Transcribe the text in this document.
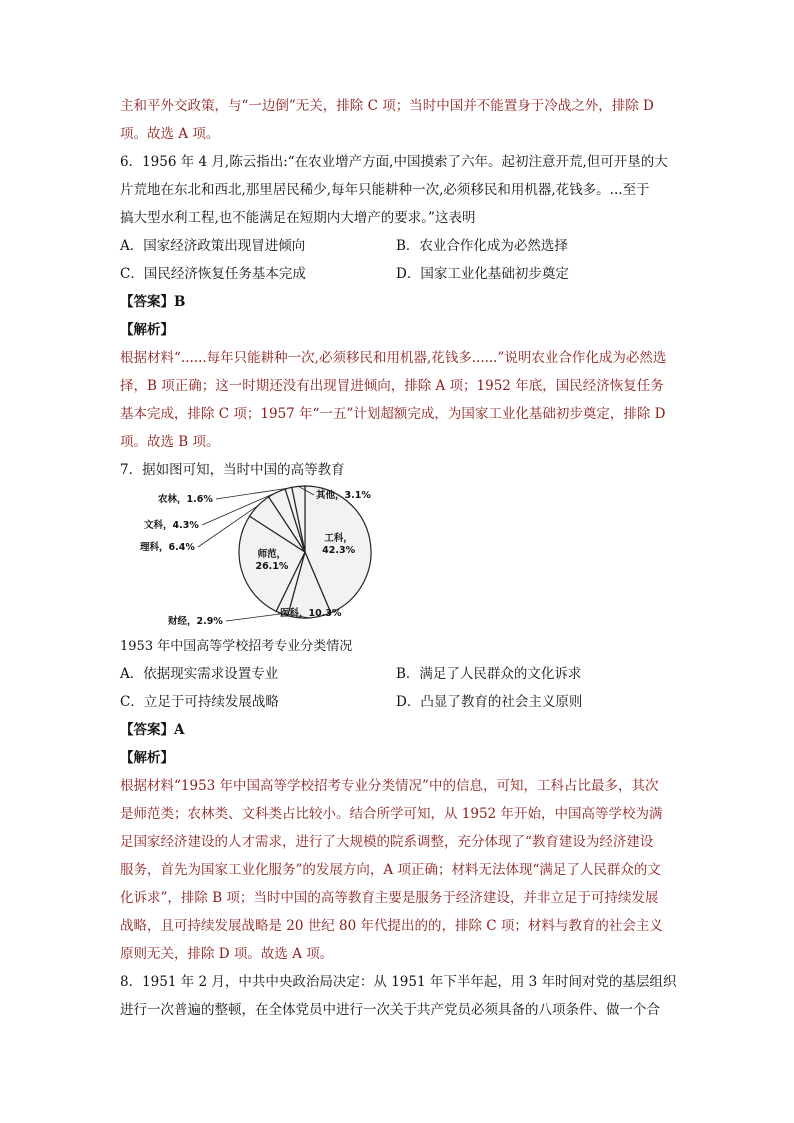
主和平外交政策，与“一边倒”无关，排除 C 项；当时中国并不能置身于冷战之外，排除 D
项。故选 A 项。
6．1956 年 4 月,陈云指出:“在农业增产方面,中国摸索了六年。起初注意开荒,但可开垦的大
片荒地在东北和西北,那里居民稀少,每年只能耕种一次,必须移民和用机器,花钱多。...至于
搞大型水利工程,也不能满足在短期内大增产的要求。”这表明
A．国家经济政策出现冒进倾向	B．农业合作化成为必然选择
C．国民经济恢复任务基本完成	D．国家工业化基础初步奠定
【答案】B
【解析】
根据材料“......每年只能耕种一次,必须移民和用机器,花钱多......”说明农业合作化成为必然选
择，B 项正确；这一时期还没有出现冒进倾向，排除 A 项；1952 年底，国民经济恢复任务
基本完成，排除 C 项；1957 年“一五”计划超额完成，为国家工业化基础初步奠定，排除 D
项。故选 B 项。
7．据如图可知，当时中国的高等教育
工科， 42.3%
医科，10.3%
财经，2.9%
师范， 26.1%
理科，6.4%
文科，4.3%
农林，1.6%	其他，3.1%
1953 年中国高等学校招考专业分类情况
A．依据现实需求设置专业	B．满足了人民群众的文化诉求
C．立足于可持续发展战略	D．凸显了教育的社会主义原则
【答案】A
【解析】
根据材料“1953 年中国高等学校招考专业分类情况”中的信息，可知，工科占比最多，其次
是师范类；农林类、文科类占比较小。结合所学可知，从 1952 年开始，中国高等学校为满
足国家经济建设的人才需求，进行了大规模的院系调整，充分体现了“教育建设为经济建设
服务，首先为国家工业化服务”的发展方向，A 项正确；材料无法体现“满足了人民群众的文
化诉求”，排除 B 项；当时中国的高等教育主要是服务于经济建设，并非立足于可持续发展
战略，且可持续发展战略是 20 世纪 80 年代提出的的，排除 C 项；材料与教育的社会主义
原则无关，排除 D 项。故选 A 项。
8．1951 年 2 月，中共中央政治局决定：从 1951 年下半年起，用 3 年时间对党的基层组织
进行一次普遍的整顿，在全体党员中进行一次关于共产党员必须具备的八项条件、做一个合
